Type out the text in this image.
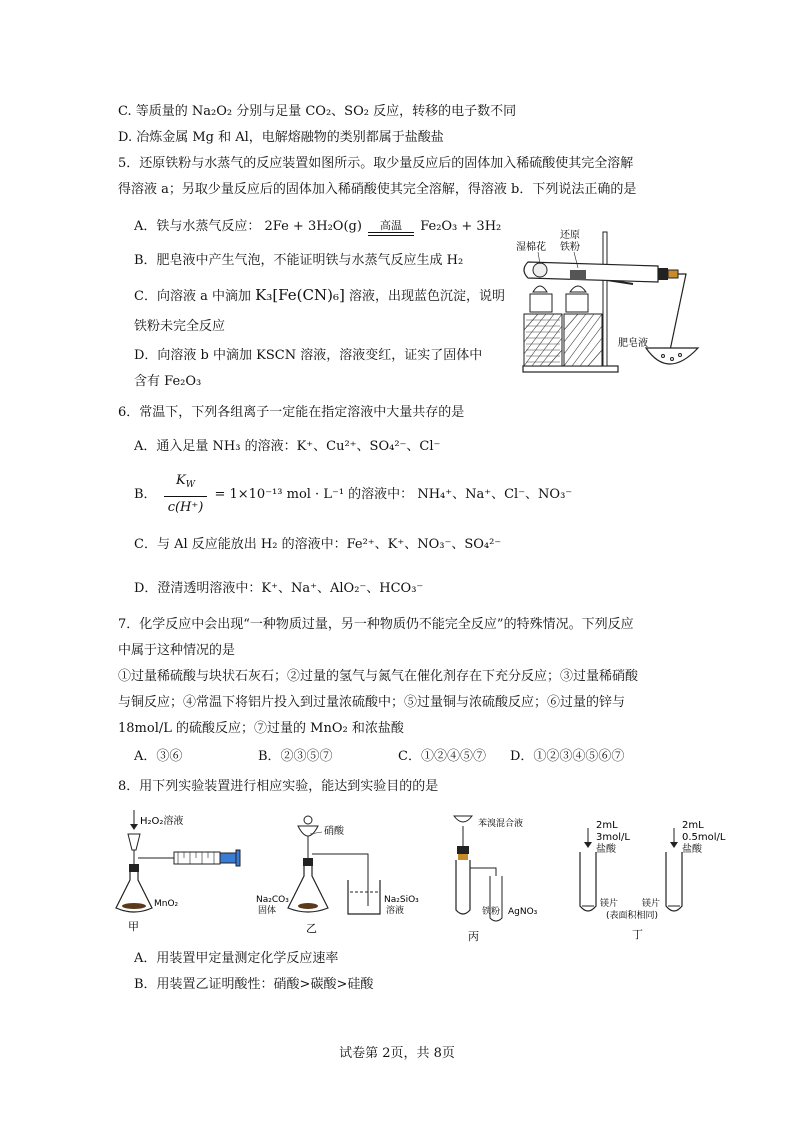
C. 等质量的 Na₂O₂ 分别与足量 CO₂、SO₂ 反应，转移的电子数不同
D. 冶炼金属 Mg 和 Al，电解熔融物的类别都属于盐酸盐
5．还原铁粉与水蒸气的反应装置如图所示。取少量反应后的固体加入稀硫酸使其完全溶解
得溶液 a；另取少量反应后的固体加入稀硝酸使其完全溶解，得溶液 b．下列说法正确的是
A．铁与水蒸气反应： 2Fe + 3H₂O(g)	高温	Fe₂O₃ + 3H₂
B．肥皂液中产生气泡，不能证明铁与水蒸气反应生成 H₂
C．向溶液 a 中滴加 K₃[Fe(CN)₆] 溶液，出现蓝色沉淀，说明
铁粉未完全反应
D．向溶液 b 中滴加 KSCN 溶液，溶液变红，证实了固体中
含有 Fe₂O₃
湿棉花
还原
铁粉
肥皂液
6．常温下，下列各组离子一定能在指定溶液中大量共存的是
A．通入足量 NH₃ 的溶液：K⁺、Cu²⁺、SO₄²⁻、Cl⁻
B． $\frac{K_W}{c(H^+)} = 1\times 10^{-13}$ mol · L⁻¹ 的溶液中： NH₄⁺、Na⁺、Cl⁻、NO₃⁻
C．与 Al 反应能放出 H₂ 的溶液中：Fe²⁺、K⁺、NO₃⁻、SO₄²⁻
D．澄清透明溶液中：K⁺、Na⁺、AlO₂⁻、HCO₃⁻
7．化学反应中会出现“一种物质过量，另一种物质仍不能完全反应”的特殊情况。下列反应
中属于这种情况的是
①过量稀硫酸与块状石灰石；②过量的氢气与氮气在催化剂存在下充分反应；③过量稀硝酸
与铜反应；④常温下将铝片投入到过量浓硫酸中；⑤过量铜与浓硫酸反应；⑥过量的锌与
18mol/L 的硫酸反应；⑦过量的 MnO₂ 和浓盐酸
A．③⑥	B．②③⑤⑦	C．①②④⑤⑦ D．①②③④⑤⑥⑦
8．用下列实验装置进行相应实验，能达到实验目的的是
H₂O₂溶液
MnO₂
甲
硝酸
Na₂CO₃
固体
Na₂SiO₃
溶液
乙
苯溴混合液
铁粉 AgNO₃
丙
2mL
3mol/L
盐酸
镁片
2mL
0.5mol/L
盐酸
镁片
(表面积相同)
丁
A．用装置甲定量测定化学反应速率
B．用装置乙证明酸性：硝酸>碳酸>硅酸
试卷第 2页，共 8页
